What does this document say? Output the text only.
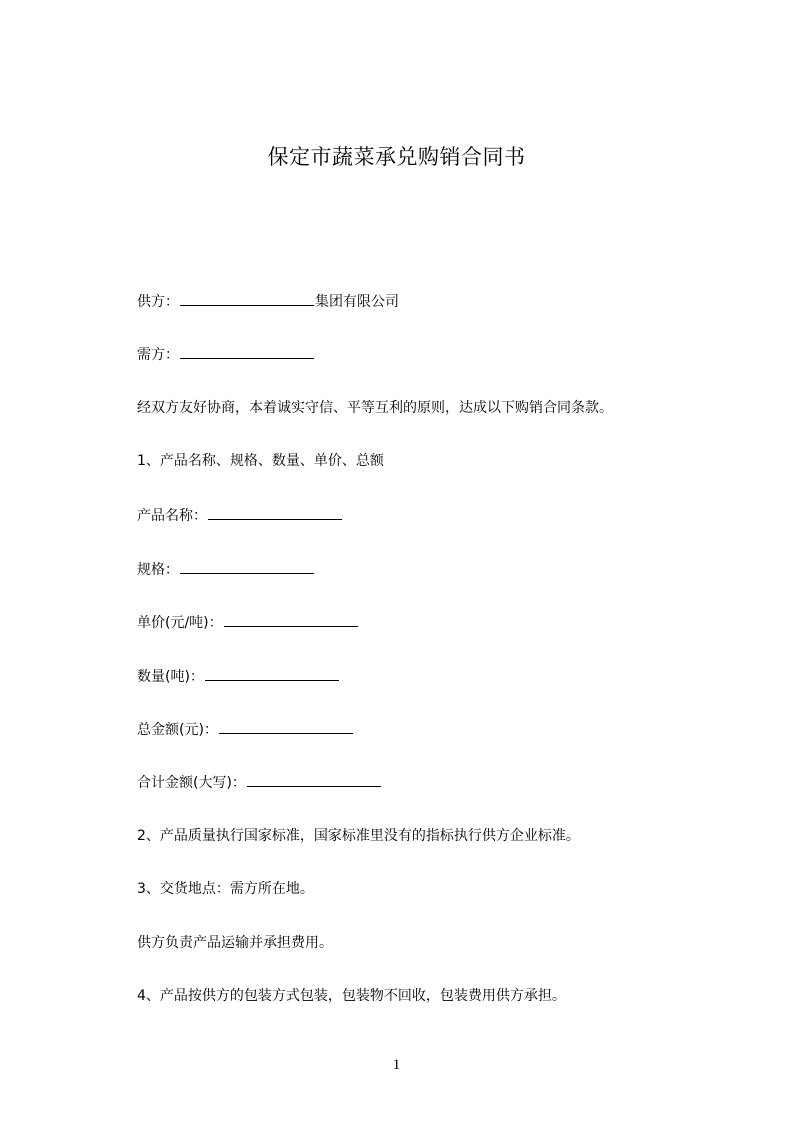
保定市蔬菜承兑购销合同书
供方：	集团有限公司
需方：
经双方友好协商，本着诚实守信、平等互利的原则，达成以下购销合同条款。
1、产品名称、规格、数量、单价、总额
产品名称：
规格：
单价(元/吨)：
数量(吨)：
总金额(元)：
合计金额(大写)：
2、产品质量执行国家标准，国家标准里没有的指标执行供方企业标准。
3、交货地点：需方所在地。
供方负责产品运输并承担费用。
4、产品按供方的包装方式包装，包装物不回收，包装费用供方承担。
1
